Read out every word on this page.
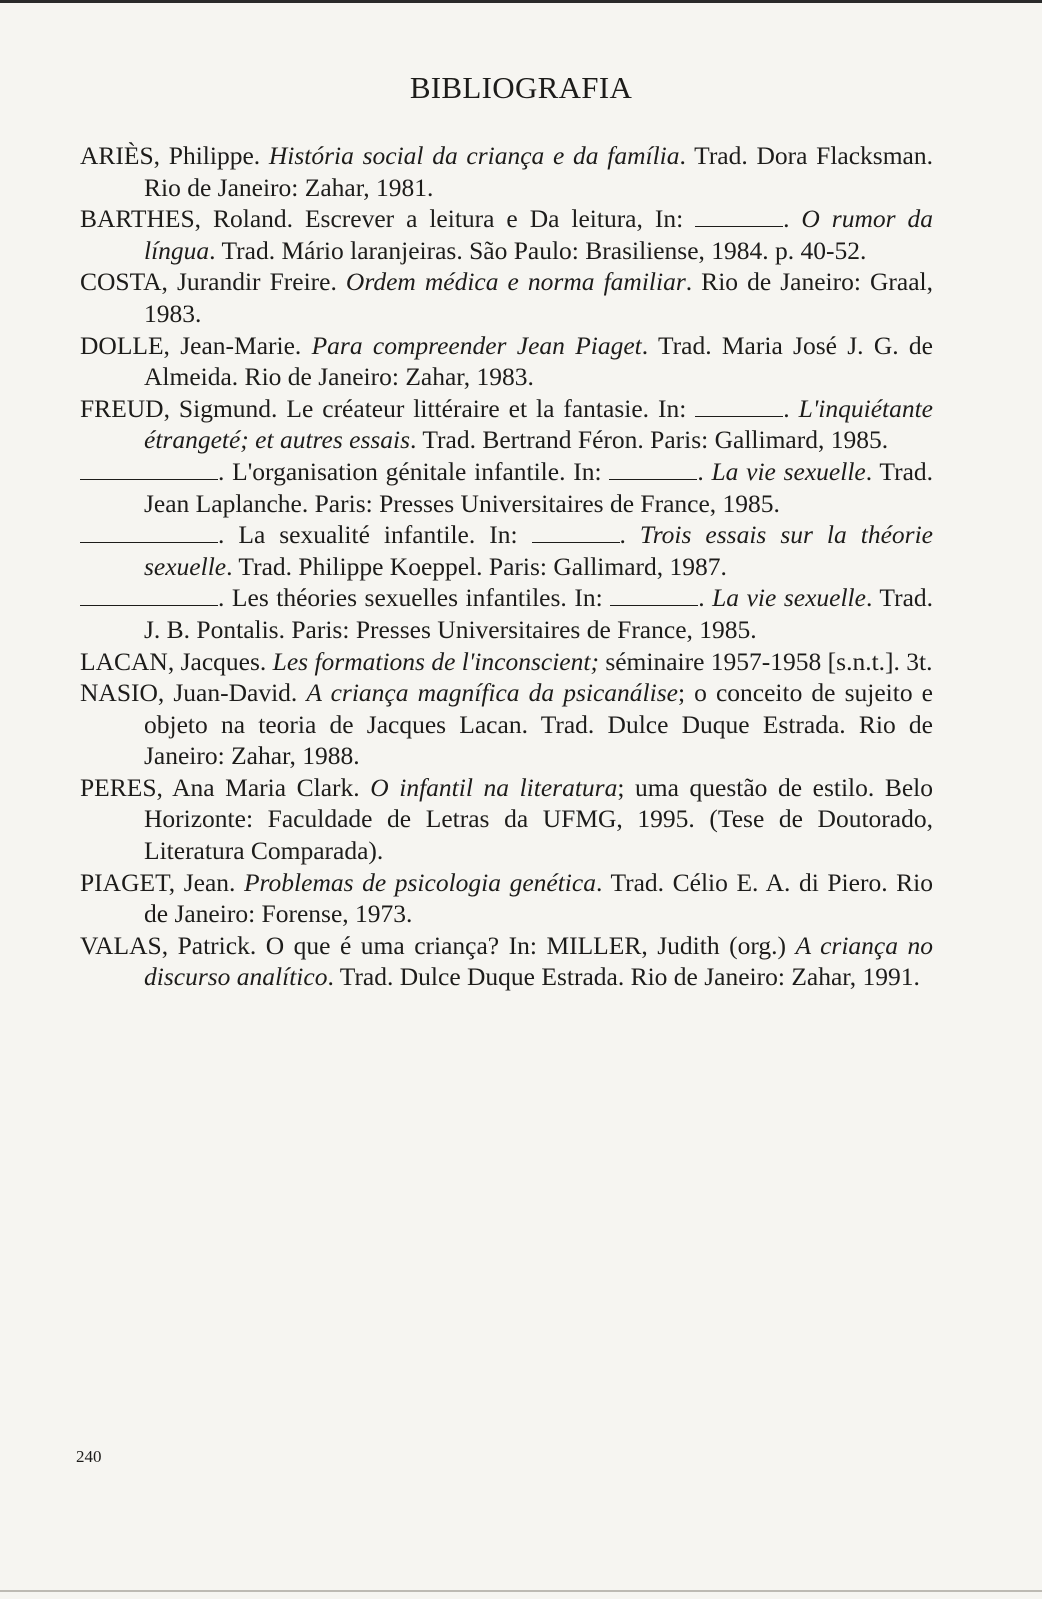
BIBLIOGRAFIA
ARIÈS, Philippe. História social da criança e da família. Trad. Dora Flacksman. Rio de Janeiro: Zahar, 1981.
BARTHES, Roland. Escrever a leitura e Da leitura, In:	. O rumor da língua. Trad. Mário laranjeiras. São Paulo: Brasiliense, 1984. p. 40-52.
COSTA, Jurandir Freire. Ordem médica e norma familiar. Rio de Janeiro: Graal, 1983.
DOLLE, Jean-Marie. Para compreender Jean Piaget. Trad. Maria José J. G. de Almeida. Rio de Janeiro: Zahar, 1983.
FREUD, Sigmund. Le créateur littéraire et la fantasie. In:	. L'inquiétante étrangeté; et autres essais. Trad. Bertrand Féron. Paris: Gallimard, 1985.
. L'organisation génitale infantile. In:	. La vie sexuelle. Trad. Jean Laplanche. Paris: Presses Universitaires de France, 1985.
. La sexualité infantile. In:	. Trois essais sur la théorie sexuelle. Trad. Philippe Koeppel. Paris: Gallimard, 1987.
. Les théories sexuelles infantiles. In:	. La vie sexuelle. Trad. J. B. Pontalis. Paris: Presses Universitaires de France, 1985.
LACAN, Jacques. Les formations de l'inconscient; séminaire 1957-1958 [s.n.t.]. 3t.
NASIO, Juan-David. A criança magnífica da psicanálise; o conceito de sujeito e objeto na teoria de Jacques Lacan. Trad. Dulce Duque Estrada. Rio de Janeiro: Zahar, 1988.
PERES, Ana Maria Clark. O infantil na literatura; uma questão de estilo. Belo Horizonte: Faculdade de Letras da UFMG, 1995. (Tese de Doutorado, Literatura Comparada).
PIAGET, Jean. Problemas de psicologia genética. Trad. Célio E. A. di Piero. Rio de Janeiro: Forense, 1973.
VALAS, Patrick. O que é uma criança? In: MILLER, Judith (org.) A criança no discurso analítico. Trad. Dulce Duque Estrada. Rio de Janeiro: Zahar, 1991.

240
